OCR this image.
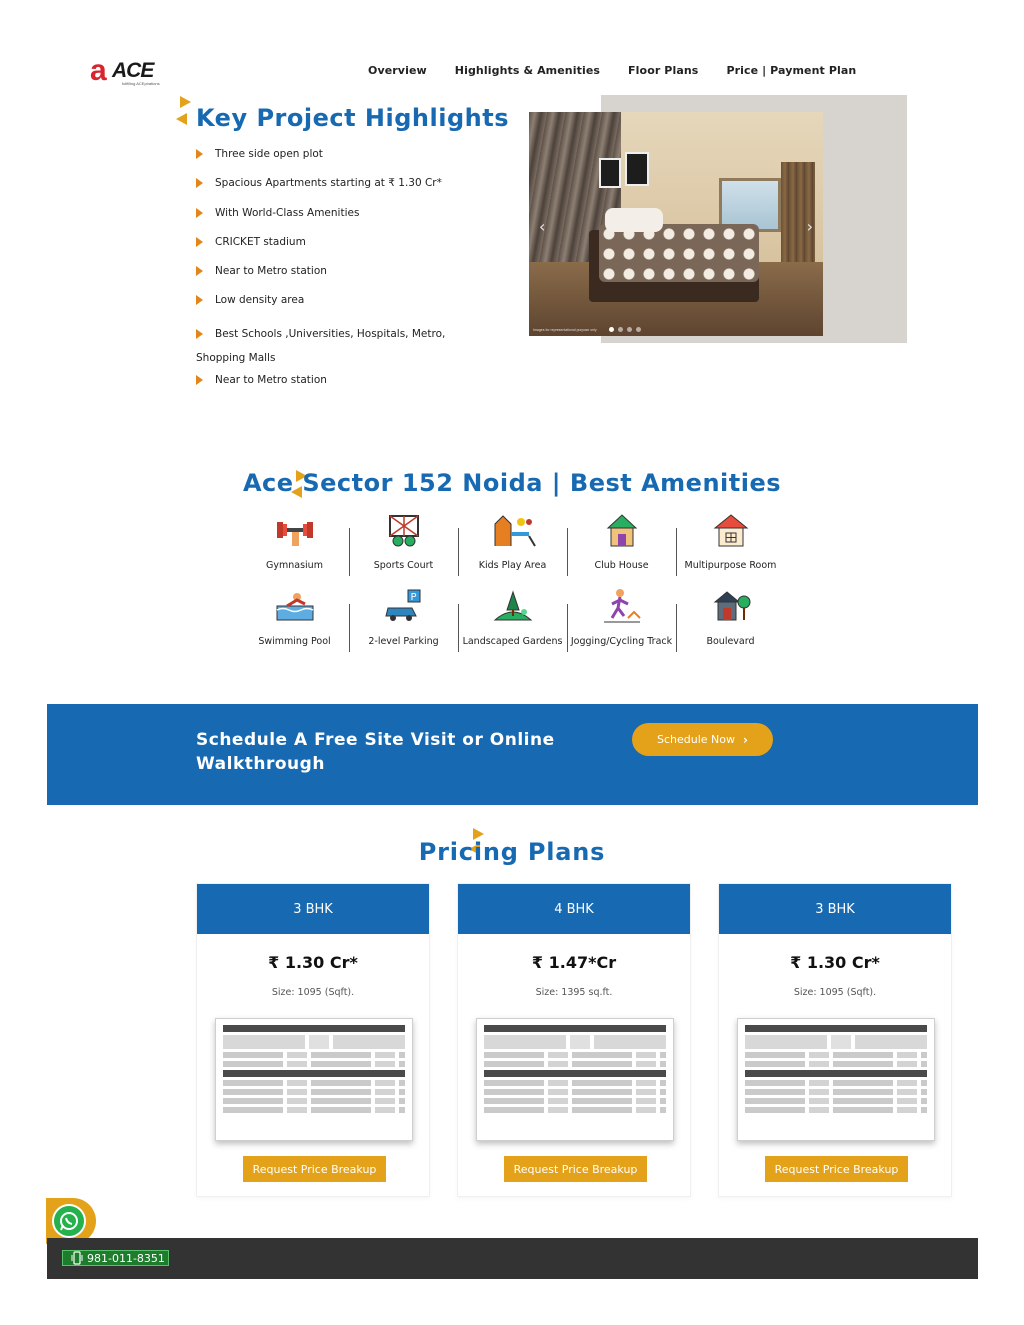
a ACE
fulfilling ACEpirations
Overview	Highlights & Amenities	Floor Plans	Price | Payment Plan
Key Project Highlights
Three side open plot
Spacious Apartments starting at ₹ 1.30 Cr*
With World-Class Amenities
CRICKET stadium
Near to Metro station
Low density area
Best Schools ,Universities, Hospitals, Metro,
Shopping Malls
Near to Metro station
‹	›
Images for representational purpose only
Ace Sector 152 Noida | Best Amenities
Gymnasium	Sports Court	Kids Play Area	Club House	Multipurpose Room
Swimming Pool
P
2-level Parking	Landscaped Gardens Jogging/Cycling Track	Boulevard
Schedule A Free Site Visit or Online Walkthrough
Schedule Now ›
Pricing Plans
3 BHK
₹ 1.30 Cr*
Size: 1095 (Sqft).
Request Price Breakup
4 BHK
₹ 1.47*Cr
Size: 1395 sq.ft.
Request Price Breakup
3 BHK
₹ 1.30 Cr*
Size: 1095 (Sqft).
Request Price Breakup
981-011-8351
